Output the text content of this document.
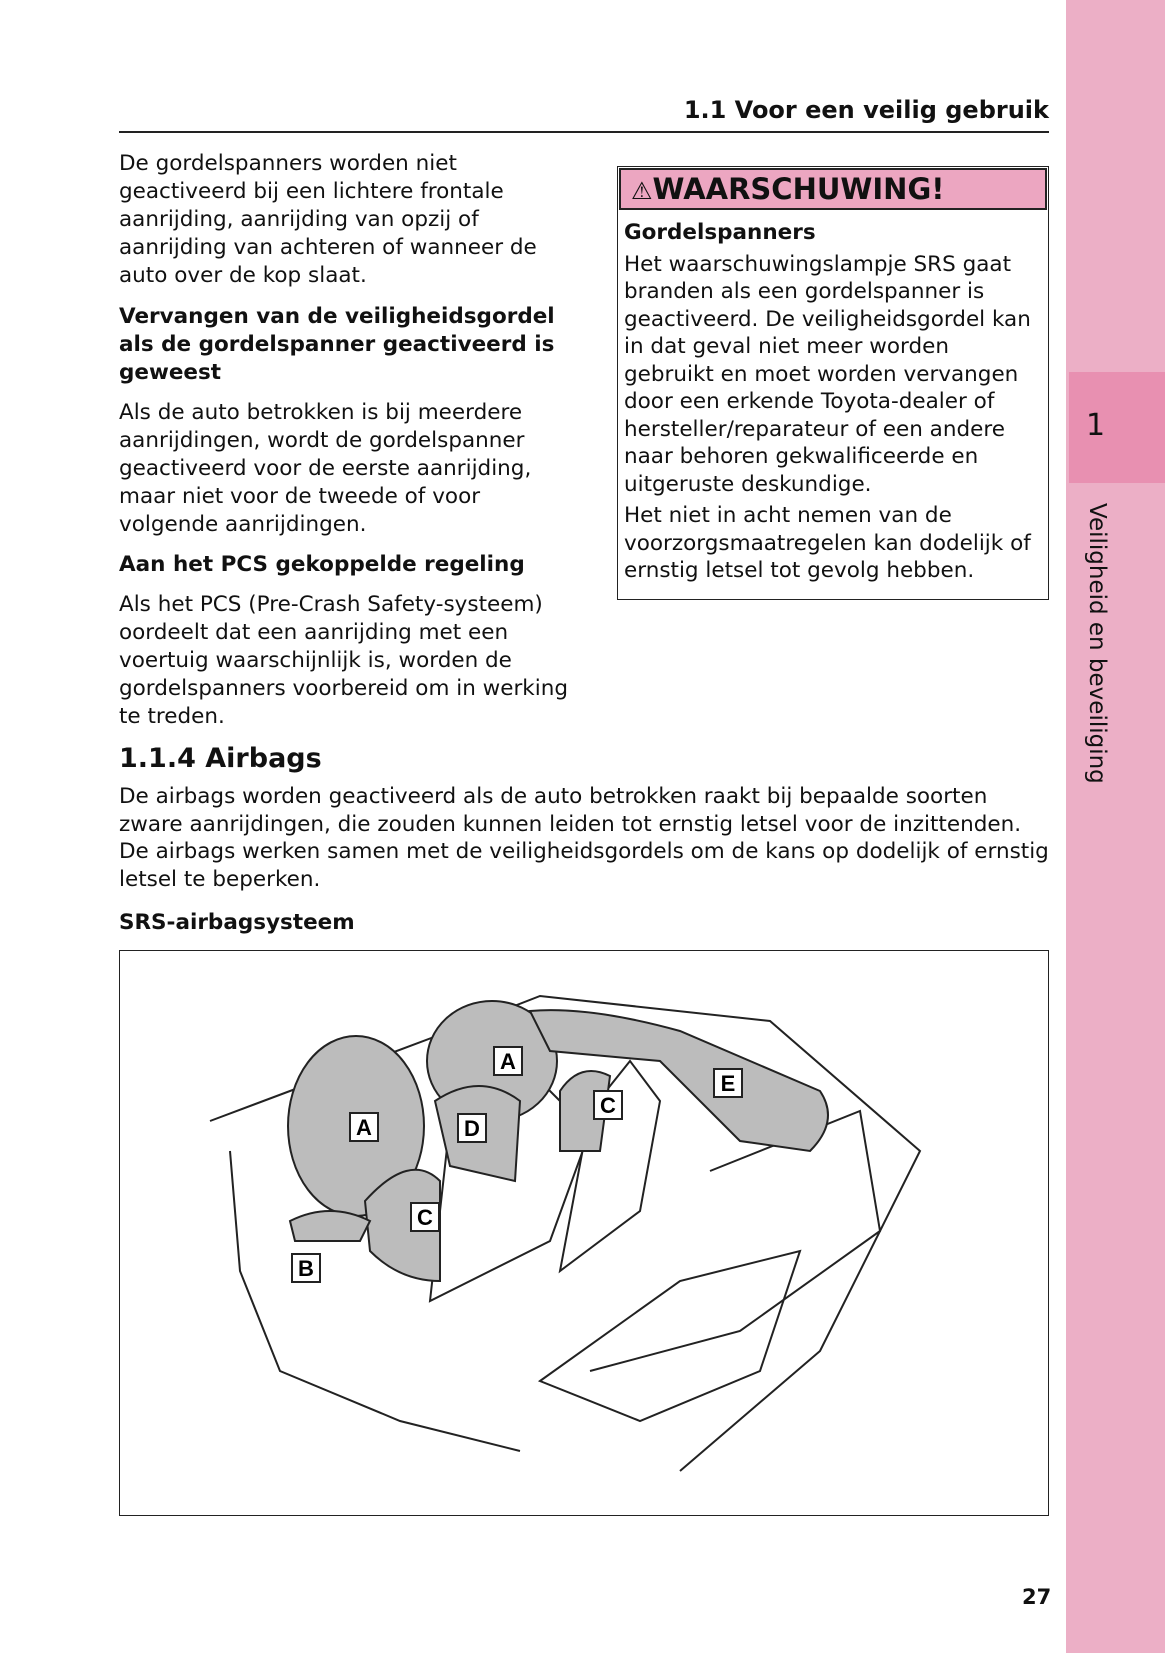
1
Veiligheid en beveiliging
1.1 Voor een veilig gebruik

De gordelspanners worden niet geactiveerd bij een lichtere frontale aanrijding, aanrijding van opzij of aanrijding van achteren of wanneer de auto over de kop slaat.

Vervangen van de veiligheidsgordel als de gordelspanner geactiveerd is geweest

Als de auto betrokken is bij meerdere aanrijdingen, wordt de gordelspanner geactiveerd voor de eerste aanrijding, maar niet voor de tweede of voor volgende aanrijdingen.

Aan het PCS gekoppelde regeling

Als het PCS (Pre-Crash Safety-systeem) oordeelt dat een aanrijding met een voertuig waarschijnlijk is, worden de gordelspanners voorbereid om in werking te treden.

⚠WAARSCHUWING!

Gordelspanners

Het waarschuwingslampje SRS gaat branden als een gordelspanner is geactiveerd. De veiligheidsgordel kan in dat geval niet meer worden gebruikt en moet worden vervangen door een erkende Toyota-dealer of hersteller/reparateur of een andere naar behoren gekwalificeerde en uitgeruste deskundige.

Het niet in acht nemen van de voorzorgsmaatregelen kan dodelijk of ernstig letsel tot gevolg hebben.

1.1.4 Airbags
De airbags worden geactiveerd als de auto betrokken raakt bij bepaalde soorten zware aanrijdingen, die zouden kunnen leiden tot ernstig letsel voor de inzittenden. De airbags werken samen met de veiligheidsgordels om de kans op dodelijk of ernstig letsel te beperken.
SRS-airbagsysteem
A
A
B
C
C
D
E
27
